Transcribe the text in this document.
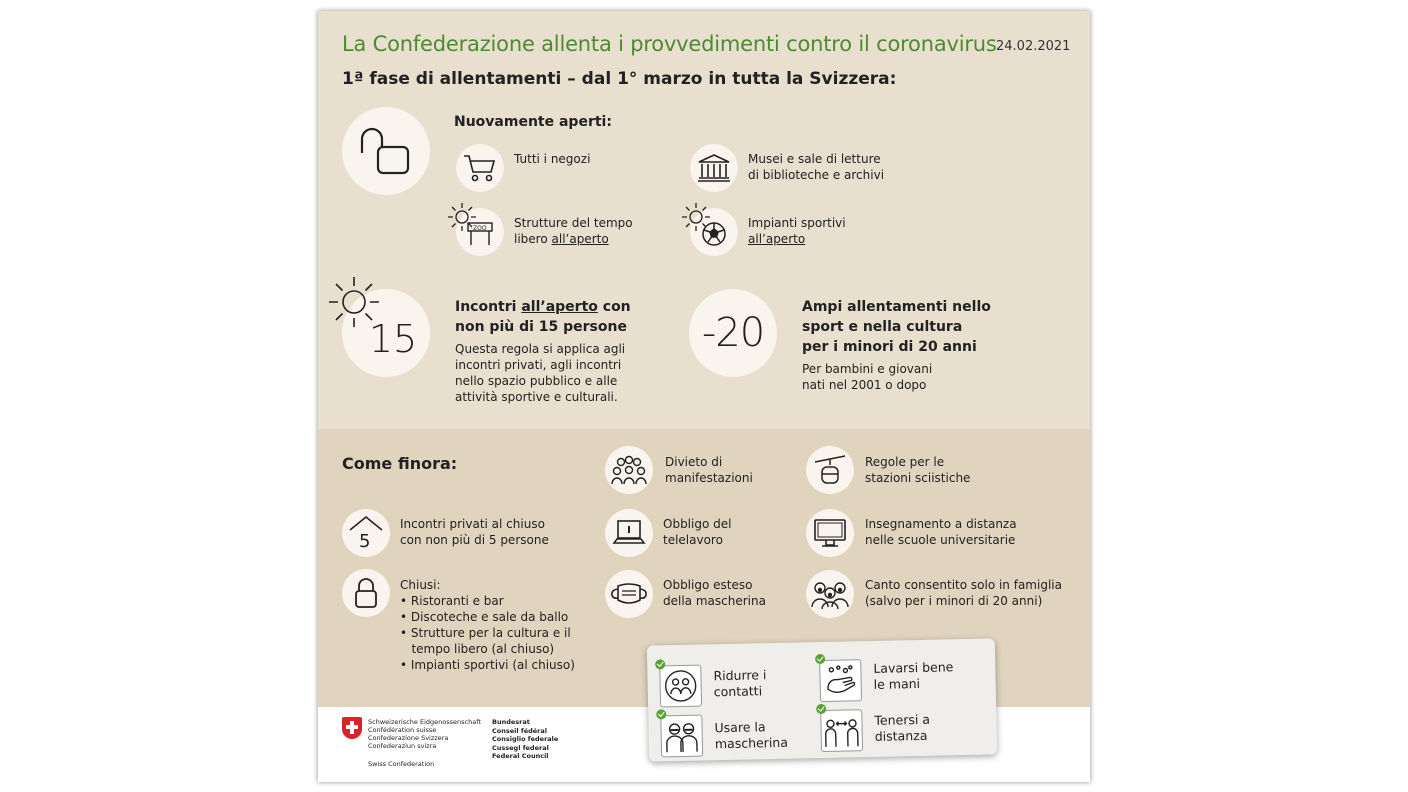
La Confederazione allenta i provvedimenti contro il coronavirus 24.02.2021
1ª fase di allentamenti – dal 1° marzo in tutta la Svizzera:
Nuovamente aperti:
Tutti i negozi	Musei e sale di letture
di biblioteche e archivi
ZOO Strutture del tempo
libero all’aperto
Impianti sportivi
all’aperto
15
Incontri all’aperto con
non più di 15 persone
Questa regola si applica agli
incontri privati, agli incontri
nello spazio pubblico e alle
attività sportive e culturali.
-20
Ampi allentamenti nello
sport e nella cultura
per i minori di 20 anni
Per bambini e giovani
nati nel 2001 o dopo
Come finora:
5
Incontri privati al chiuso
con non più di 5 persone
Chiusi:
• Ristoranti e bar
• Discoteche e sale da ballo
• Strutture per la cultura e il
tempo libero (al chiuso)
• Impianti sportivi (al chiuso)
Divieto di
manifestazioni
Obbligo del
telelavoro
Obbligo esteso
della mascherina
Regole per le
stazioni sciistiche
Insegnamento a distanza
nelle scuole universitarie
Canto consentito solo in famiglia
(salvo per i minori di 20 anni)
Ridurre i
contatti
Lavarsi bene
le mani
Usare la
mascherina
Tenersi a
distanza
Schweizerische Eidgenossenschaft
Confédération suisse
Confederazione Svizzera
Confederaziun svizra
Swiss Confederation
Bundesrat
Conseil fédéral
Consiglio federale
Cussegl federal
Federal Council
